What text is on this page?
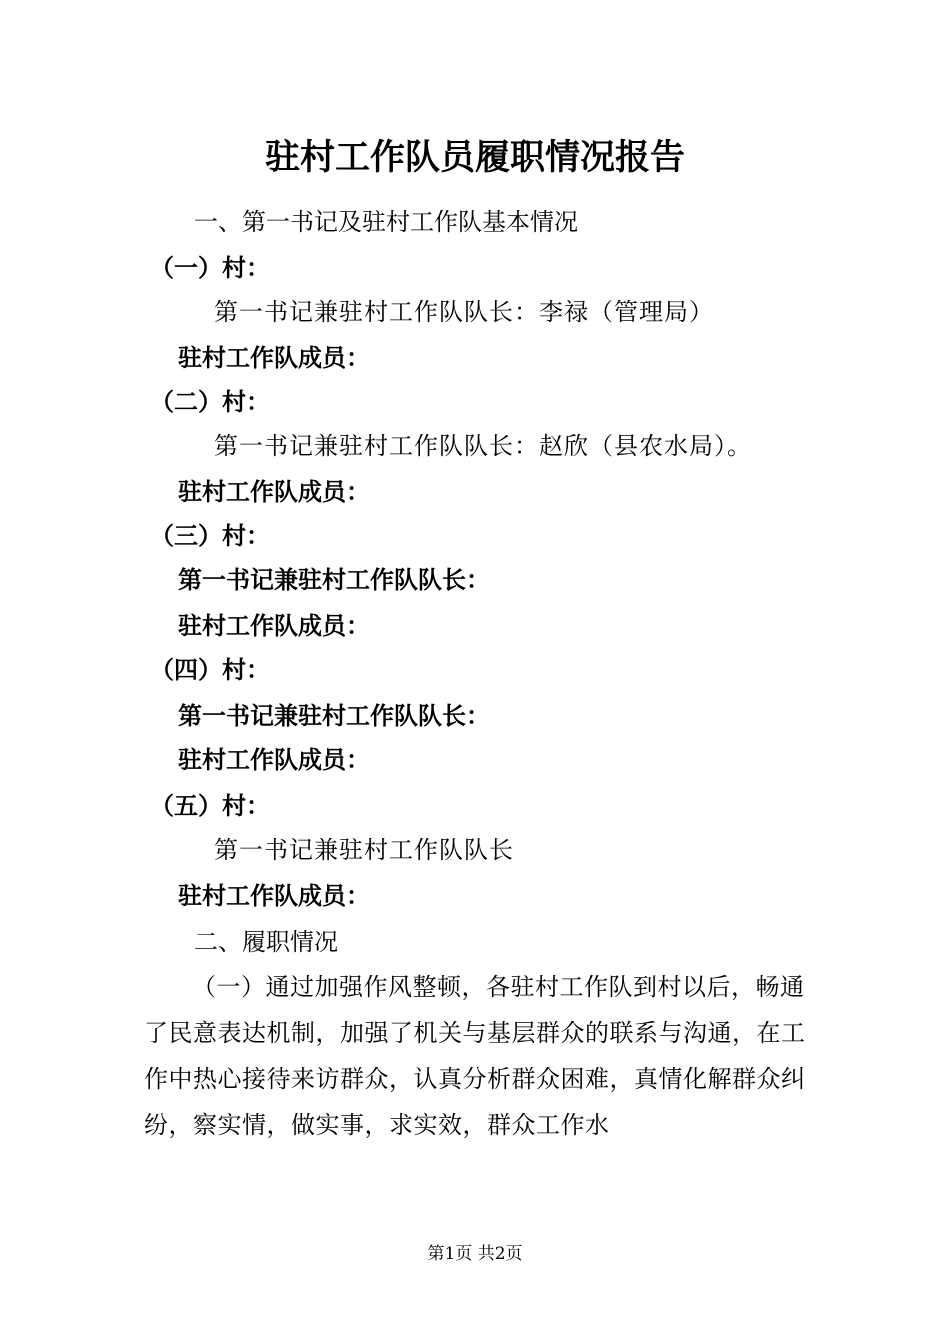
驻村工作队员履职情况报告

一、第一书记及驻村工作队基本情况

（一）村：

第一书记兼驻村工作队队长：李禄（管理局）

驻村工作队成员：

（二）村：

第一书记兼驻村工作队队长：赵欣（县农水局）。

驻村工作队成员：

（三）村：

第一书记兼驻村工作队队长：

驻村工作队成员：

（四）村：

第一书记兼驻村工作队队长：

驻村工作队成员：

（五）村：

第一书记兼驻村工作队队长

驻村工作队成员：

二、履职情况

（一）通过加强作风整顿，各驻村工作队到村以后，畅通了民意表达机制，加强了机关与基层群众的联系与沟通，在工作中热心接待来访群众，认真分析群众困难，真情化解群众纠纷，察实情，做实事，求实效，群众工作水

第1页 共2页
